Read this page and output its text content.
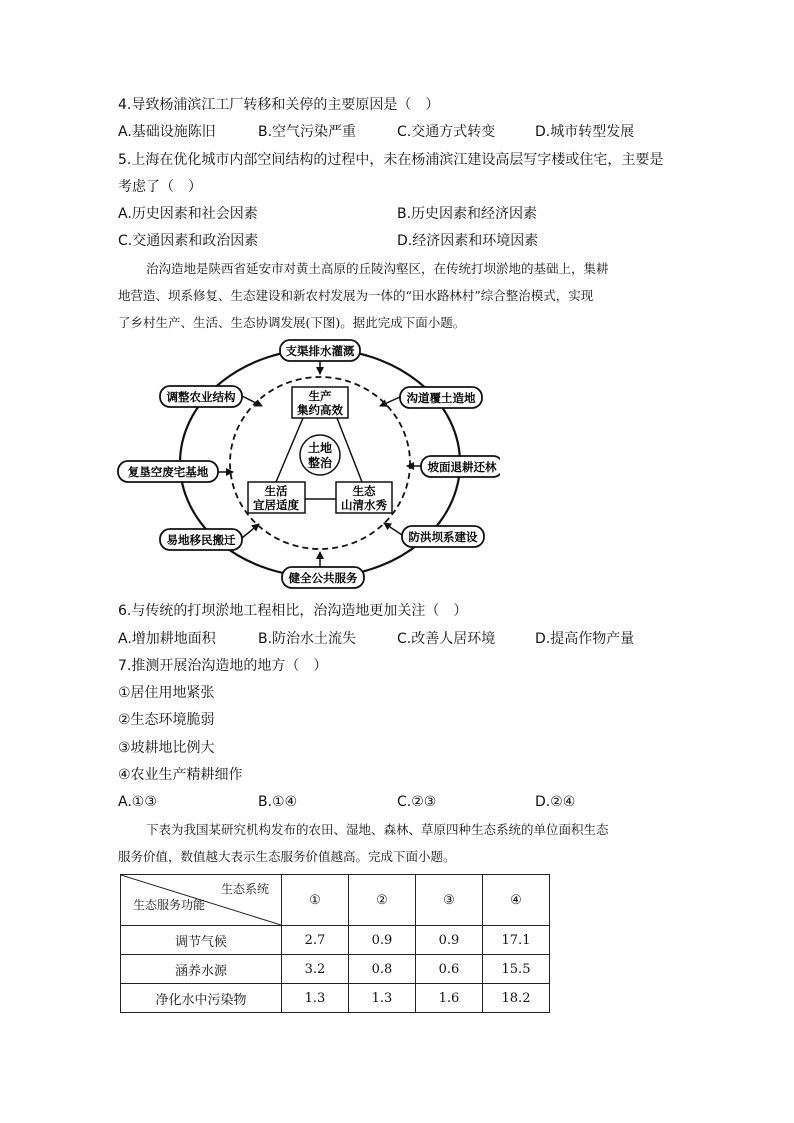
4.导致杨浦滨江工厂转移和关停的主要原因是（　）
A.基础设施陈旧	B.空气污染严重	C.交通方式转变	D.城市转型发展
5.上海在优化城市内部空间结构的过程中，未在杨浦滨江建设高层写字楼或住宅，主要是
考虑了（　）
A.历史因素和社会因素	B.历史因素和经济因素
C.交通因素和政治因素	D.经济因素和环境因素
治沟造地是陕西省延安市对黄土高原的丘陵沟壑区，在传统打坝淤地的基础上，集耕
地营造、坝系修复、生态建设和新农村发展为一体的“田水路林村”综合整治模式，实现
了乡村生产、生活、生态协调发展(下图)。据此完成下面小题。
土地
整治
生产
集约高效
生活
宜居适度
生态
山清水秀
支渠排水灌溉
调整农业结构	沟道覆土造地
复垦空废宅基地	坡面退耕还林
易地移民搬迁	防洪坝系建设
健全公共服务
6.与传统的打坝淤地工程相比，治沟造地更加关注（　）
A.增加耕地面积	B.防治水土流失	C.改善人居环境	D.提高作物产量
7.推测开展治沟造地的地方（　）
①居住用地紧张
②生态环境脆弱
③坡耕地比例大
④农业生产精耕细作
A.①③	B.①④	C.②③	D.②④
下表为我国某研究机构发布的农田、湿地、森林、草原四种生态系统的单位面积生态
服务价值，数值越大表示生态服务价值越高。完成下面小题。
生态系统
生态服务功能	①	②	③	④
调节气候	2.7	0.9	0.9	17.1
涵养水源	3.2	0.8	0.6	15.5
净化水中污染物	1.3	1.3	1.6	18.2
